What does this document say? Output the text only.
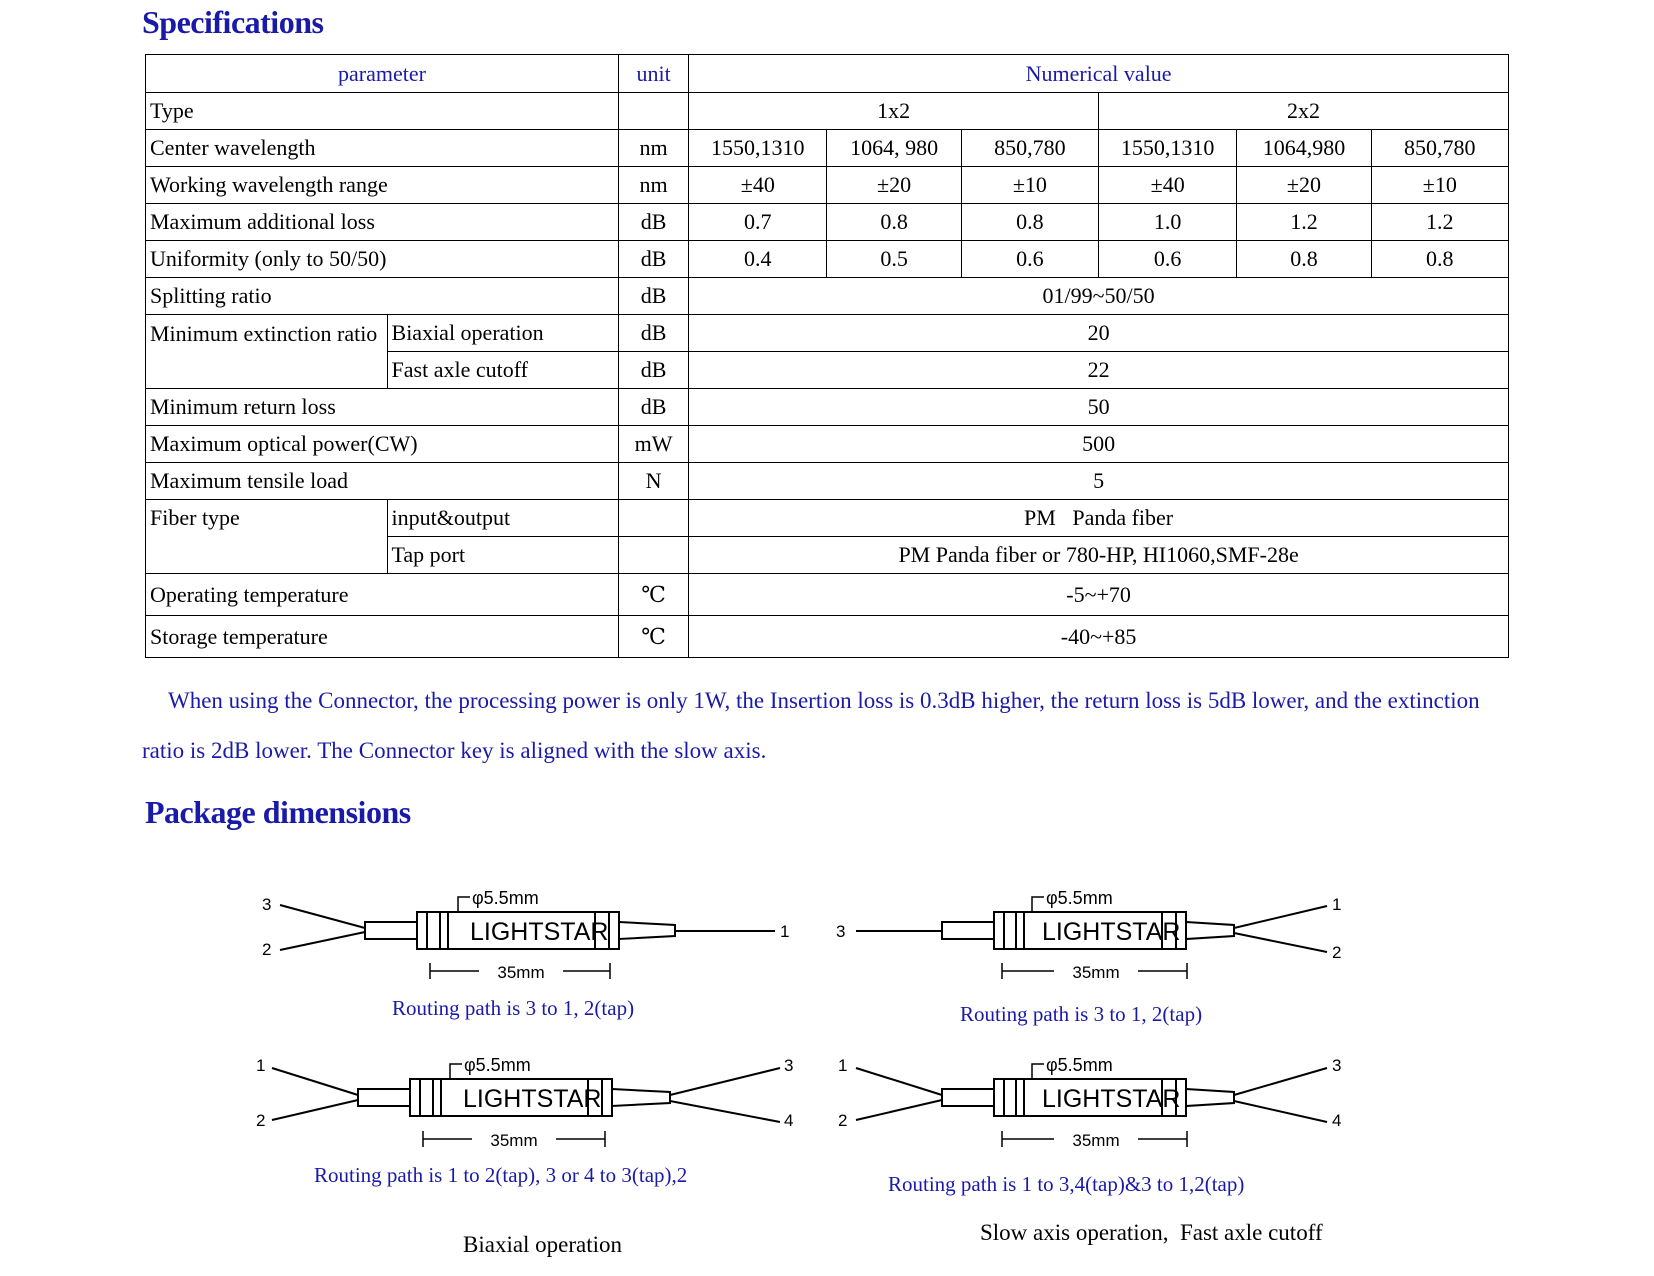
Specifications
parameter		unit	Numerical value					
Type			1x2			2x2		
Center wavelength		nm	1550,1310	1064, 980	850,780	1550,1310	1064,980	850,780
Working wavelength range		nm	±40	±20	±10	±40	±20	±10
Maximum additional loss		dB	0.7	0.8	0.8	1.0	1.2	1.2
Uniformity (only to 50/50)		dB	0.4	0.5	0.6	0.6	0.8	0.8
Splitting ratio		dB	01/99~50/50					
Minimum extinction ratio	Biaxial operation	dB	20					
	Fast axle cutoff	dB	22					
Minimum return loss		dB	50					
Maximum optical power(CW)		mW	500					
Maximum tensile load		N	5					
Fiber type	input&output		PM   Panda fiber					
	Tap port		PM Panda fiber or 780-HP, HI1060,SMF-28e					
Operating temperature		℃	-5~+70					
Storage temperature		℃	-40~+85					

When using the Connector, the processing power is only 1W, the Insertion loss is 0.3dB higher, the return loss is 5dB lower, and the extinction

ratio is 2dB lower. The Connector key is aligned with the slow axis.

Package dimensions
φ5.5mm
LIGHTSTAR
35mm
3
2
1

Routing path is 3 to 1, 2(tap)

φ5.5mm
LIGHTSTAR
35mm
3
1
2

Routing path is 3 to 1, 2(tap)

φ5.5mm
LIGHTSTAR
35mm
1
2
3
4

Routing path is 1 to 2(tap), 3 or 4 to 3(tap),2

φ5.5mm
LIGHTSTAR
35mm
1
2
3
4

Routing path is 1 to 3,4(tap)&3 to 1,2(tap)

Biaxial operation	Slow axis operation,  Fast axle cutoff
